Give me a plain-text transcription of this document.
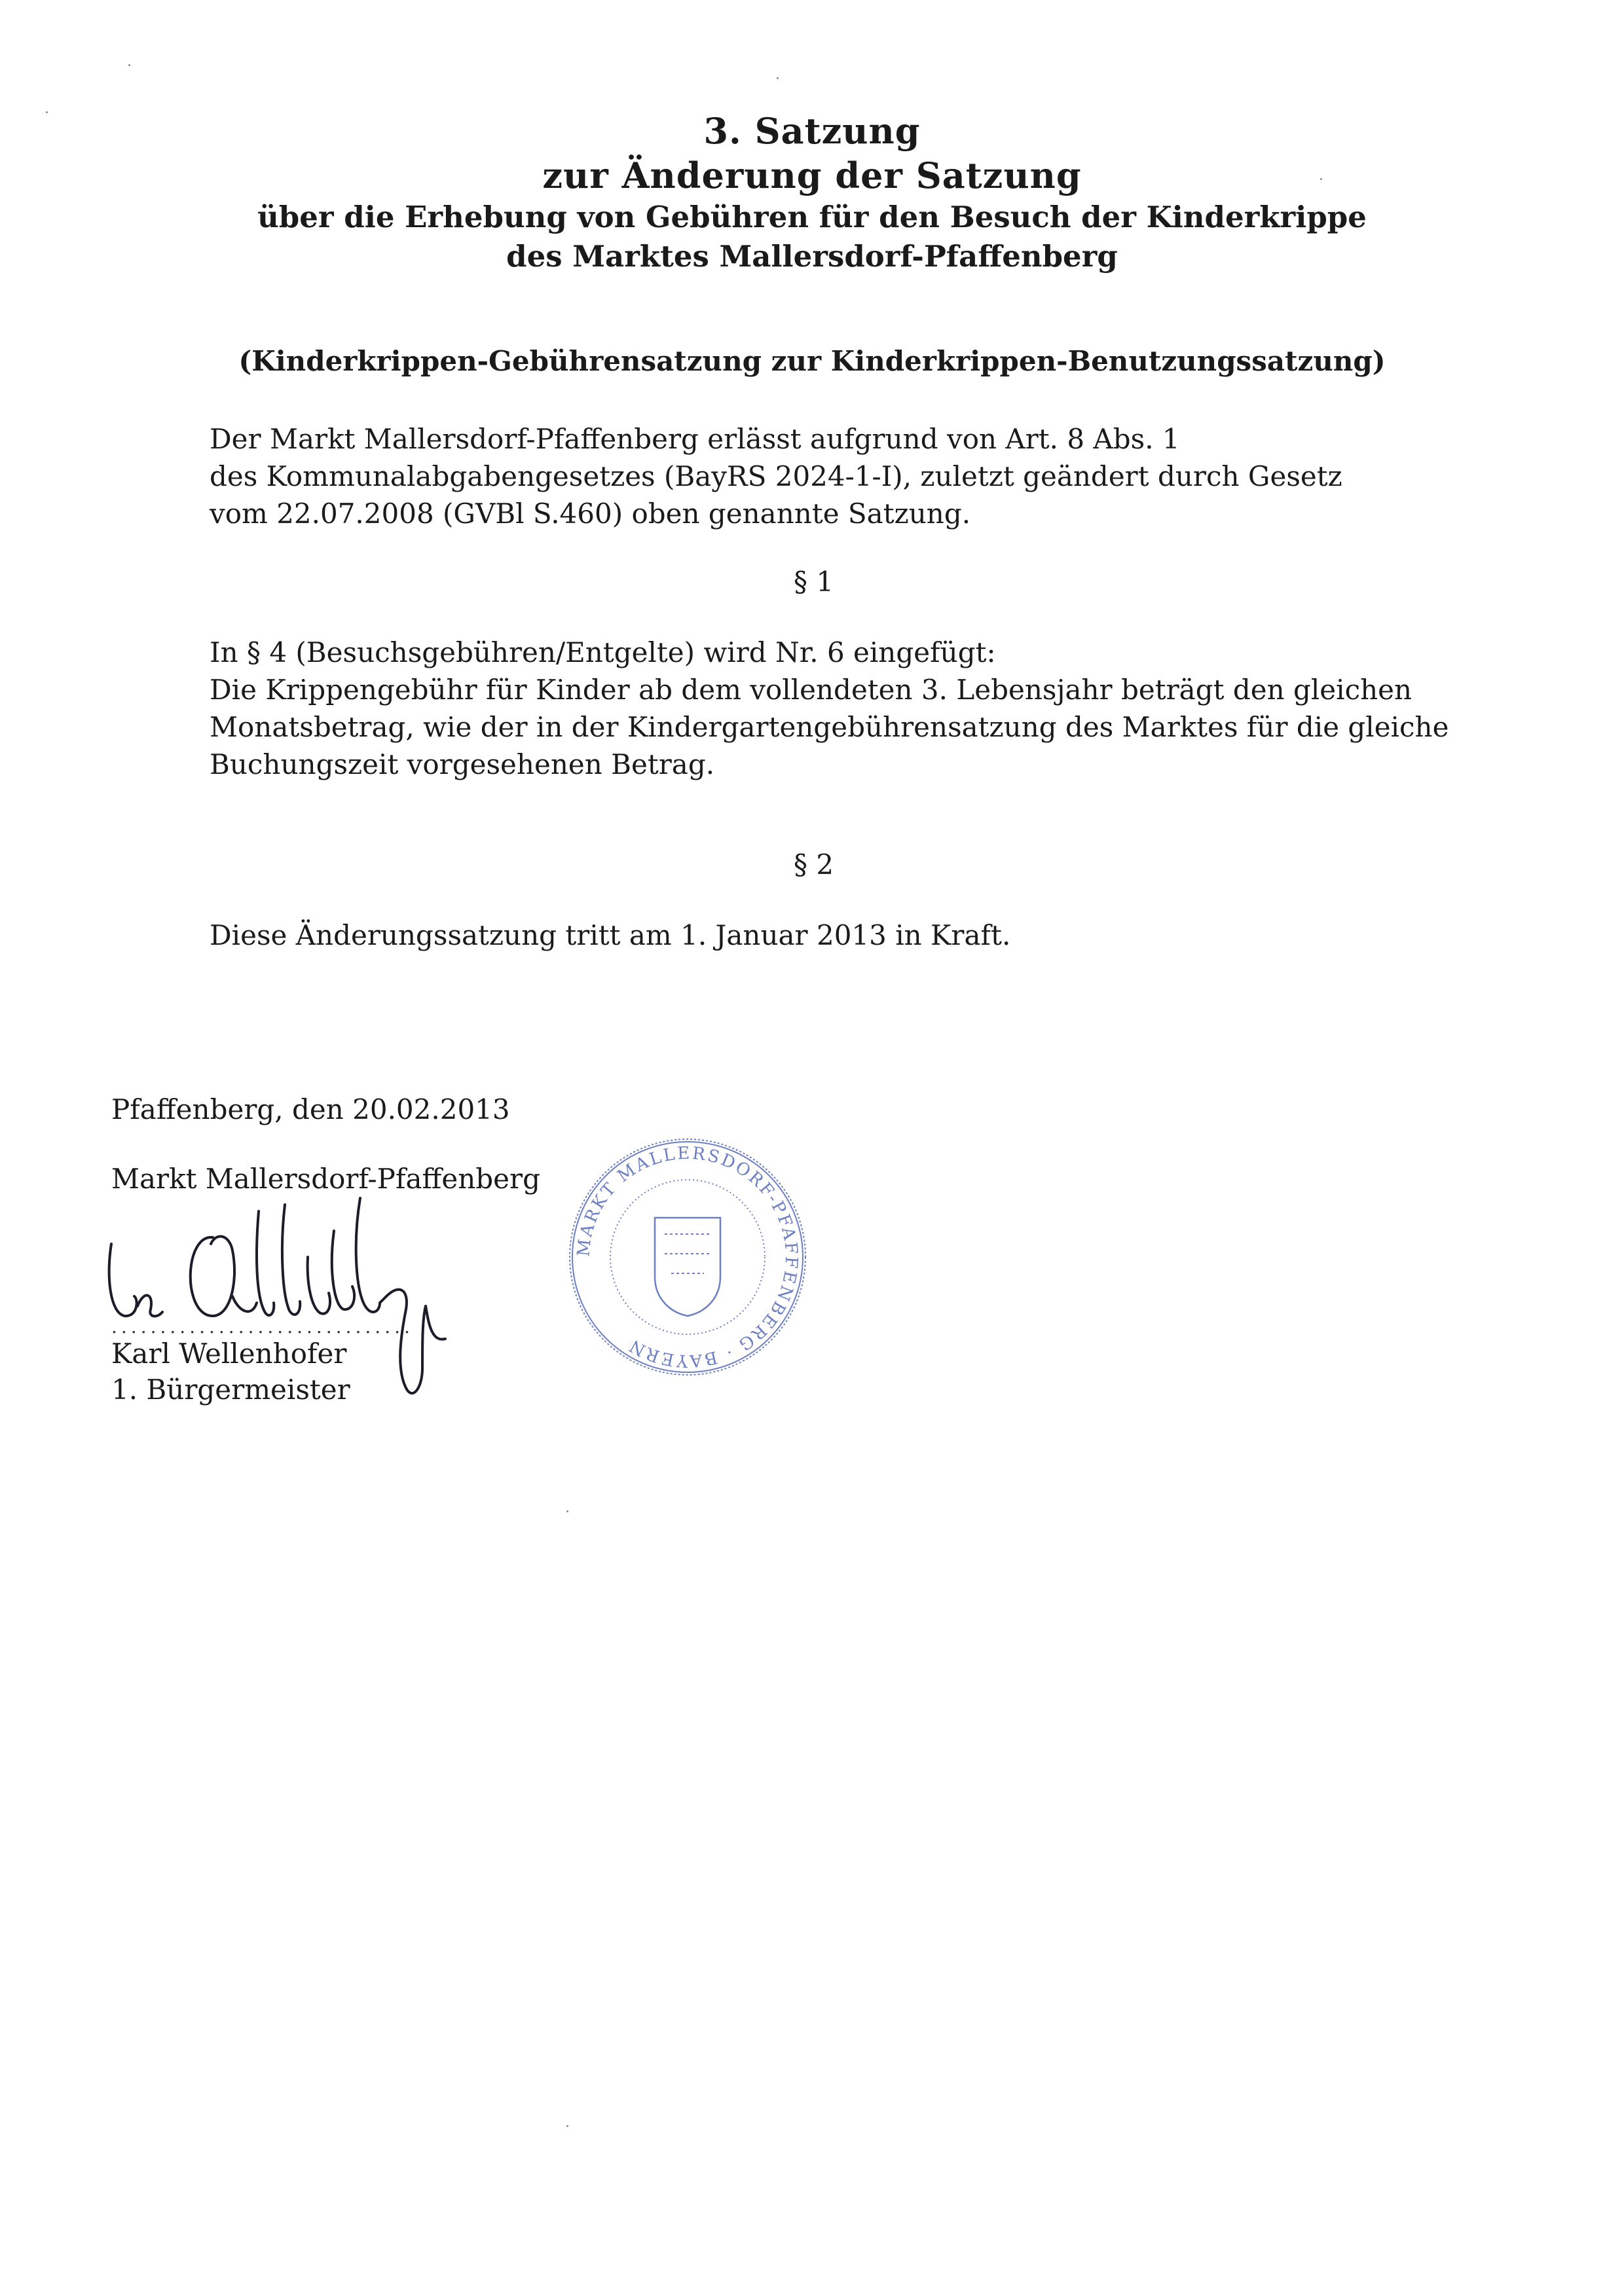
3. Satzung
zur Änderung der Satzung
über die Erhebung von Gebühren für den Besuch der Kinderkrippe
des Marktes Mallersdorf-Pfaffenberg
(Kinderkrippen-Gebührensatzung zur Kinderkrippen-Benutzungssatzung)
Der Markt Mallersdorf-Pfaffenberg erlässt aufgrund von Art. 8 Abs. 1
des Kommunalabgabengesetzes (BayRS 2024-1-I), zuletzt geändert durch Gesetz
vom 22.07.2008 (GVBl S.460) oben genannte Satzung.
§ 1
In § 4 (Besuchsgebühren/Entgelte) wird Nr. 6 eingefügt:
Die Krippengebühr für Kinder ab dem vollendeten 3. Lebensjahr beträgt den gleichen
Monatsbetrag, wie der in der Kindergartengebührensatzung des Marktes für die gleiche
Buchungszeit vorgesehenen Betrag.
§ 2
Diese Änderungssatzung tritt am 1. Januar 2013 in Kraft.
Pfaffenberg, den 20.02.2013
Markt Mallersdorf-Pfaffenberg
...............................
MARKT MALLERSDORF-PFAFFENBERG · BAYERN
Karl Wellenhofer
1. Bürgermeister
